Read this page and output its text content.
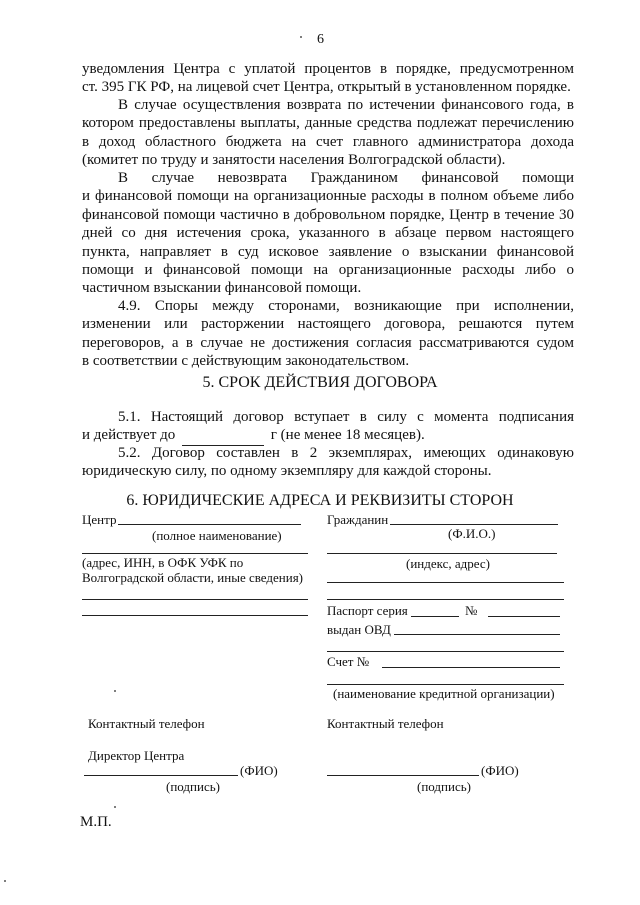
6
уведомления Центра с уплатой процентов в порядке, предусмотренном
ст. 395 ГК РФ, на лицевой счет Центра, открытый в установленном порядке.
В случае осуществления возврата по истечении финансового года, в
котором предоставлены выплаты, данные средства подлежат перечислению
в доход областного бюджета на счет главного администратора дохода
(комитет по труду и занятости населения Волгоградской области).
В случае невозврата Гражданином финансовой помощи
и финансовой помощи на организационные расходы в полном объеме либо
финансовой помощи частично в добровольном порядке, Центр в течение 30
дней со дня истечения срока, указанного в абзаце первом настоящего
пункта, направляет в суд исковое заявление о взыскании финансовой
помощи и финансовой помощи на организационные расходы либо о
частичном взыскании финансовой помощи.
4.9. Споры между сторонами, возникающие при исполнении,
изменении или расторжении настоящего договора, решаются путем
переговоров, а в случае не достижения согласия рассматриваются судом
в соответствии с действующим законодательством.
5. СРОК ДЕЙСТВИЯ ДОГОВОРА
5.1. Настоящий договор вступает в силу с момента подписания
и действует до	г (не менее 18 месяцев).
5.2. Договор составлен в 2 экземплярах, имеющих одинаковую
юридическую силу, по одному экземпляру для каждой стороны.
6. ЮРИДИЧЕСКИЕ АДРЕСА И РЕКВИЗИТЫ СТОРОН
Центр
(полное наименование)
(адрес, ИНН, в ОФК УФК по
Волгоградской области, иные сведения)
Контактный телефон
Директор Центра
(ФИО)
(подпись)
М.П.
Гражданин
(Ф.И.О.)
(индекс, адрес)
Паспорт серия	№
выдан ОВД
Счет №
(наименование кредитной организации)
Контактный телефон
(ФИО)
(подпись)
